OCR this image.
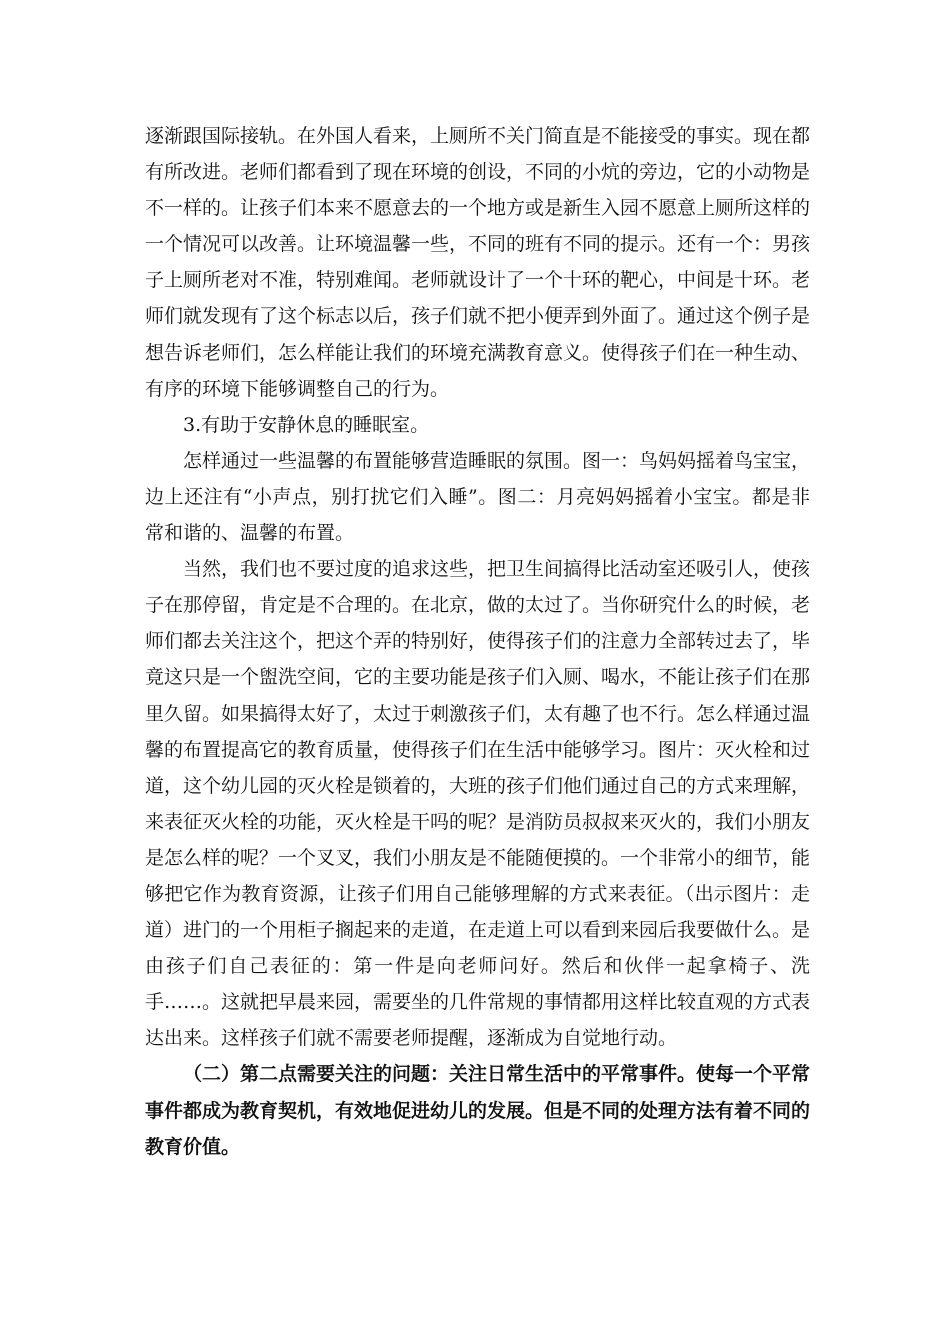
逐渐跟国际接轨。在外国人看来，上厕所不关门简直是不能接受的事实。现在都有所改进。老师们都看到了现在环境的创设，不同的小炕的旁边，它的小动物是不一样的。让孩子们本来不愿意去的一个地方或是新生入园不愿意上厕所这样的一个情况可以改善。让环境温馨一些，不同的班有不同的提示。还有一个：男孩子上厕所老对不准，特别难闻。老师就设计了一个十环的靶心，中间是十环。老师们就发现有了这个标志以后，孩子们就不把小便弄到外面了。通过这个例子是想告诉老师们，怎么样能让我们的环境充满教育意义。使得孩子们在一种生动、有序的环境下能够调整自己的行为。

3.有助于安静休息的睡眠室。

怎样通过一些温馨的布置能够营造睡眠的氛围。图一：鸟妈妈摇着鸟宝宝，边上还注有“小声点，别打扰它们入睡”。图二：月亮妈妈摇着小宝宝。都是非常和谐的、温馨的布置。

当然，我们也不要过度的追求这些，把卫生间搞得比活动室还吸引人，使孩子在那停留，肯定是不合理的。在北京，做的太过了。当你研究什么的时候，老师们都去关注这个，把这个弄的特别好，使得孩子们的注意力全部转过去了，毕竟这只是一个盥洗空间，它的主要功能是孩子们入厕、喝水，不能让孩子们在那里久留。如果搞得太好了，太过于刺激孩子们，太有趣了也不行。怎么样通过温馨的布置提高它的教育质量，使得孩子们在生活中能够学习。图片：灭火栓和过道，这个幼儿园的灭火栓是锁着的，大班的孩子们他们通过自己的方式来理解，来表征灭火栓的功能，灭火栓是干吗的呢？是消防员叔叔来灭火的，我们小朋友是怎么样的呢？一个叉叉，我们小朋友是不能随便摸的。一个非常小的细节，能够把它作为教育资源，让孩子们用自己能够理解的方式来表征。（出示图片：走道）进门的一个用柜子搁起来的走道，在走道上可以看到来园后我要做什么。是由孩子们自己表征的：第一件是向老师问好。然后和伙伴一起拿椅子、洗手……。这就把早晨来园，需要坐的几件常规的事情都用这样比较直观的方式表达出来。这样孩子们就不需要老师提醒，逐渐成为自觉地行动。

（二）第二点需要关注的问题：关注日常生活中的平常事件。使每一个平常事件都成为教育契机，有效地促进幼儿的发展。但是不同的处理方法有着不同的教育价值。
